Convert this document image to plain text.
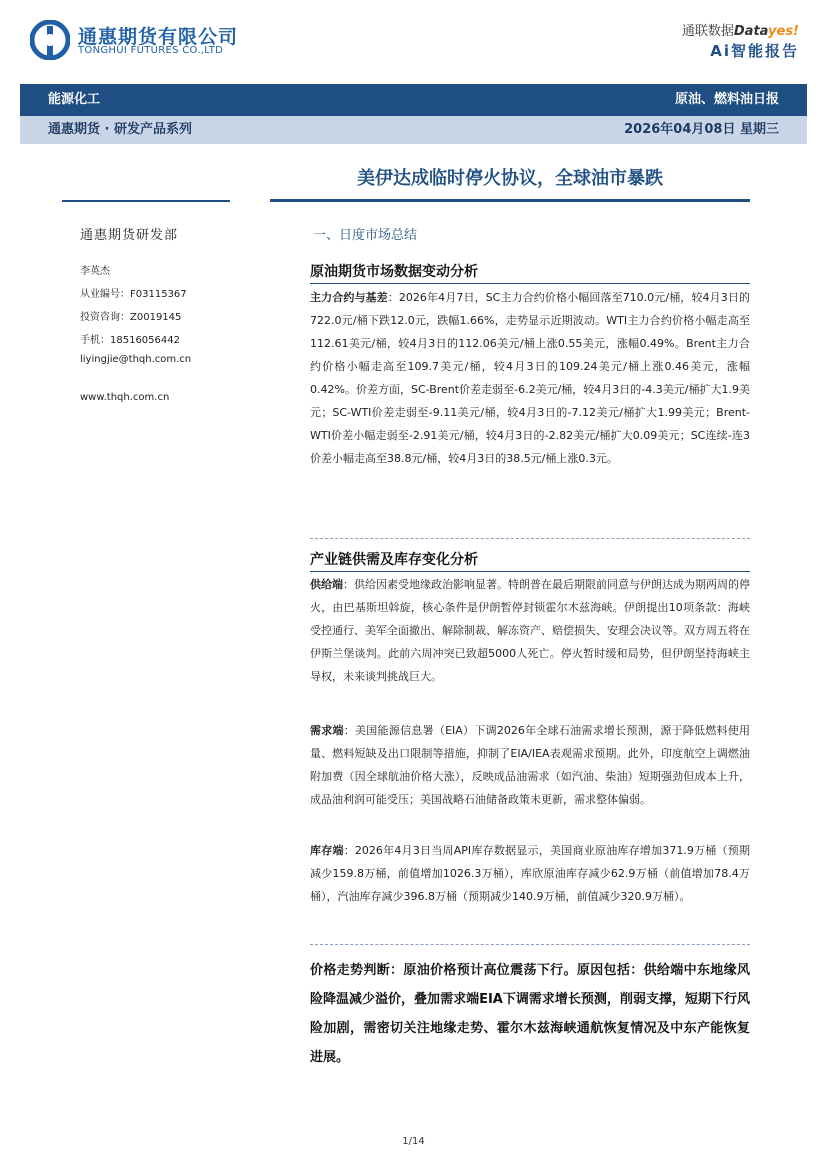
通惠期货有限公司
TONGHUI FUTURES CO.,LTD
通联数据Datayes!
Ai智能报告
能源化工	原油、燃料油日报
通惠期货 · 研发产品系列	2026年04月08日 星期三
美伊达成临时停火协议，全球油市暴跌
通惠期货研发部
李英杰
从业编号：F03115367
投资咨询：Z0019145
手机：18516056442
liyingjie@thqh.com.cn
www.thqh.com.cn
一、日度市场总结
原油期货市场数据变动分析
主力合约与基差：2026年4月7日，SC主力合约价格小幅回落至710.0元/桶，较4月3日的722.0元/桶下跌12.0元，跌幅1.66%，走势显示近期波动。WTI主力合约价格小幅走高至112.61美元/桶，较4月3日的112.06美元/桶上涨0.55美元，涨幅0.49%。Brent主力合约价格小幅走高至109.7美元/桶，较4月3日的109.24美元/桶上涨0.46美元，涨幅0.42%。价差方面，SC-Brent价差走弱至-6.2美元/桶，较4月3日的-4.3美元/桶扩大1.9美元；SC-WTI价差走弱至-9.11美元/桶，较4月3日的-7.12美元/桶扩大1.99美元；Brent-WTI价差小幅走弱至-2.91美元/桶，较4月3日的-2.82美元/桶扩大0.09美元；SC连续-连3价差小幅走高至38.8元/桶，较4月3日的38.5元/桶上涨0.3元。
产业链供需及库存变化分析
供给端：供给因素受地缘政治影响显著。特朗普在最后期限前同意与伊朗达成为期两周的停火，由巴基斯坦斡旋，核心条件是伊朗暂停封锁霍尔木兹海峡。伊朗提出10项条款：海峡受控通行、美军全面撤出、解除制裁、解冻资产、赔偿损失、安理会决议等。双方周五将在伊斯兰堡谈判。此前六周冲突已致超5000人死亡。停火暂时缓和局势，但伊朗坚持海峡主导权，未来谈判挑战巨大。
需求端：美国能源信息署（EIA）下调2026年全球石油需求增长预测，源于降低燃料使用量、燃料短缺及出口限制等措施，抑制了EIA/IEA表观需求预期。此外，印度航空上调燃油附加费（因全球航油价格大涨），反映成品油需求（如汽油、柴油）短期强劲但成本上升，成品油利润可能受压；美国战略石油储备政策未更新，需求整体偏弱。
库存端：2026年4月3日当周API库存数据显示，美国商业原油库存增加371.9万桶（预期减少159.8万桶，前值增加1026.3万桶），库欣原油库存减少62.9万桶（前值增加78.4万桶），汽油库存减少396.8万桶（预期减少140.9万桶，前值减少320.9万桶）。
价格走势判断：原油价格预计高位震荡下行。原因包括：供给端中东地缘风险降温减少溢价，叠加需求端EIA下调需求增长预测，削弱支撑，短期下行风险加剧，需密切关注地缘走势、霍尔木兹海峡通航恢复情况及中东产能恢复进展。
1/14
